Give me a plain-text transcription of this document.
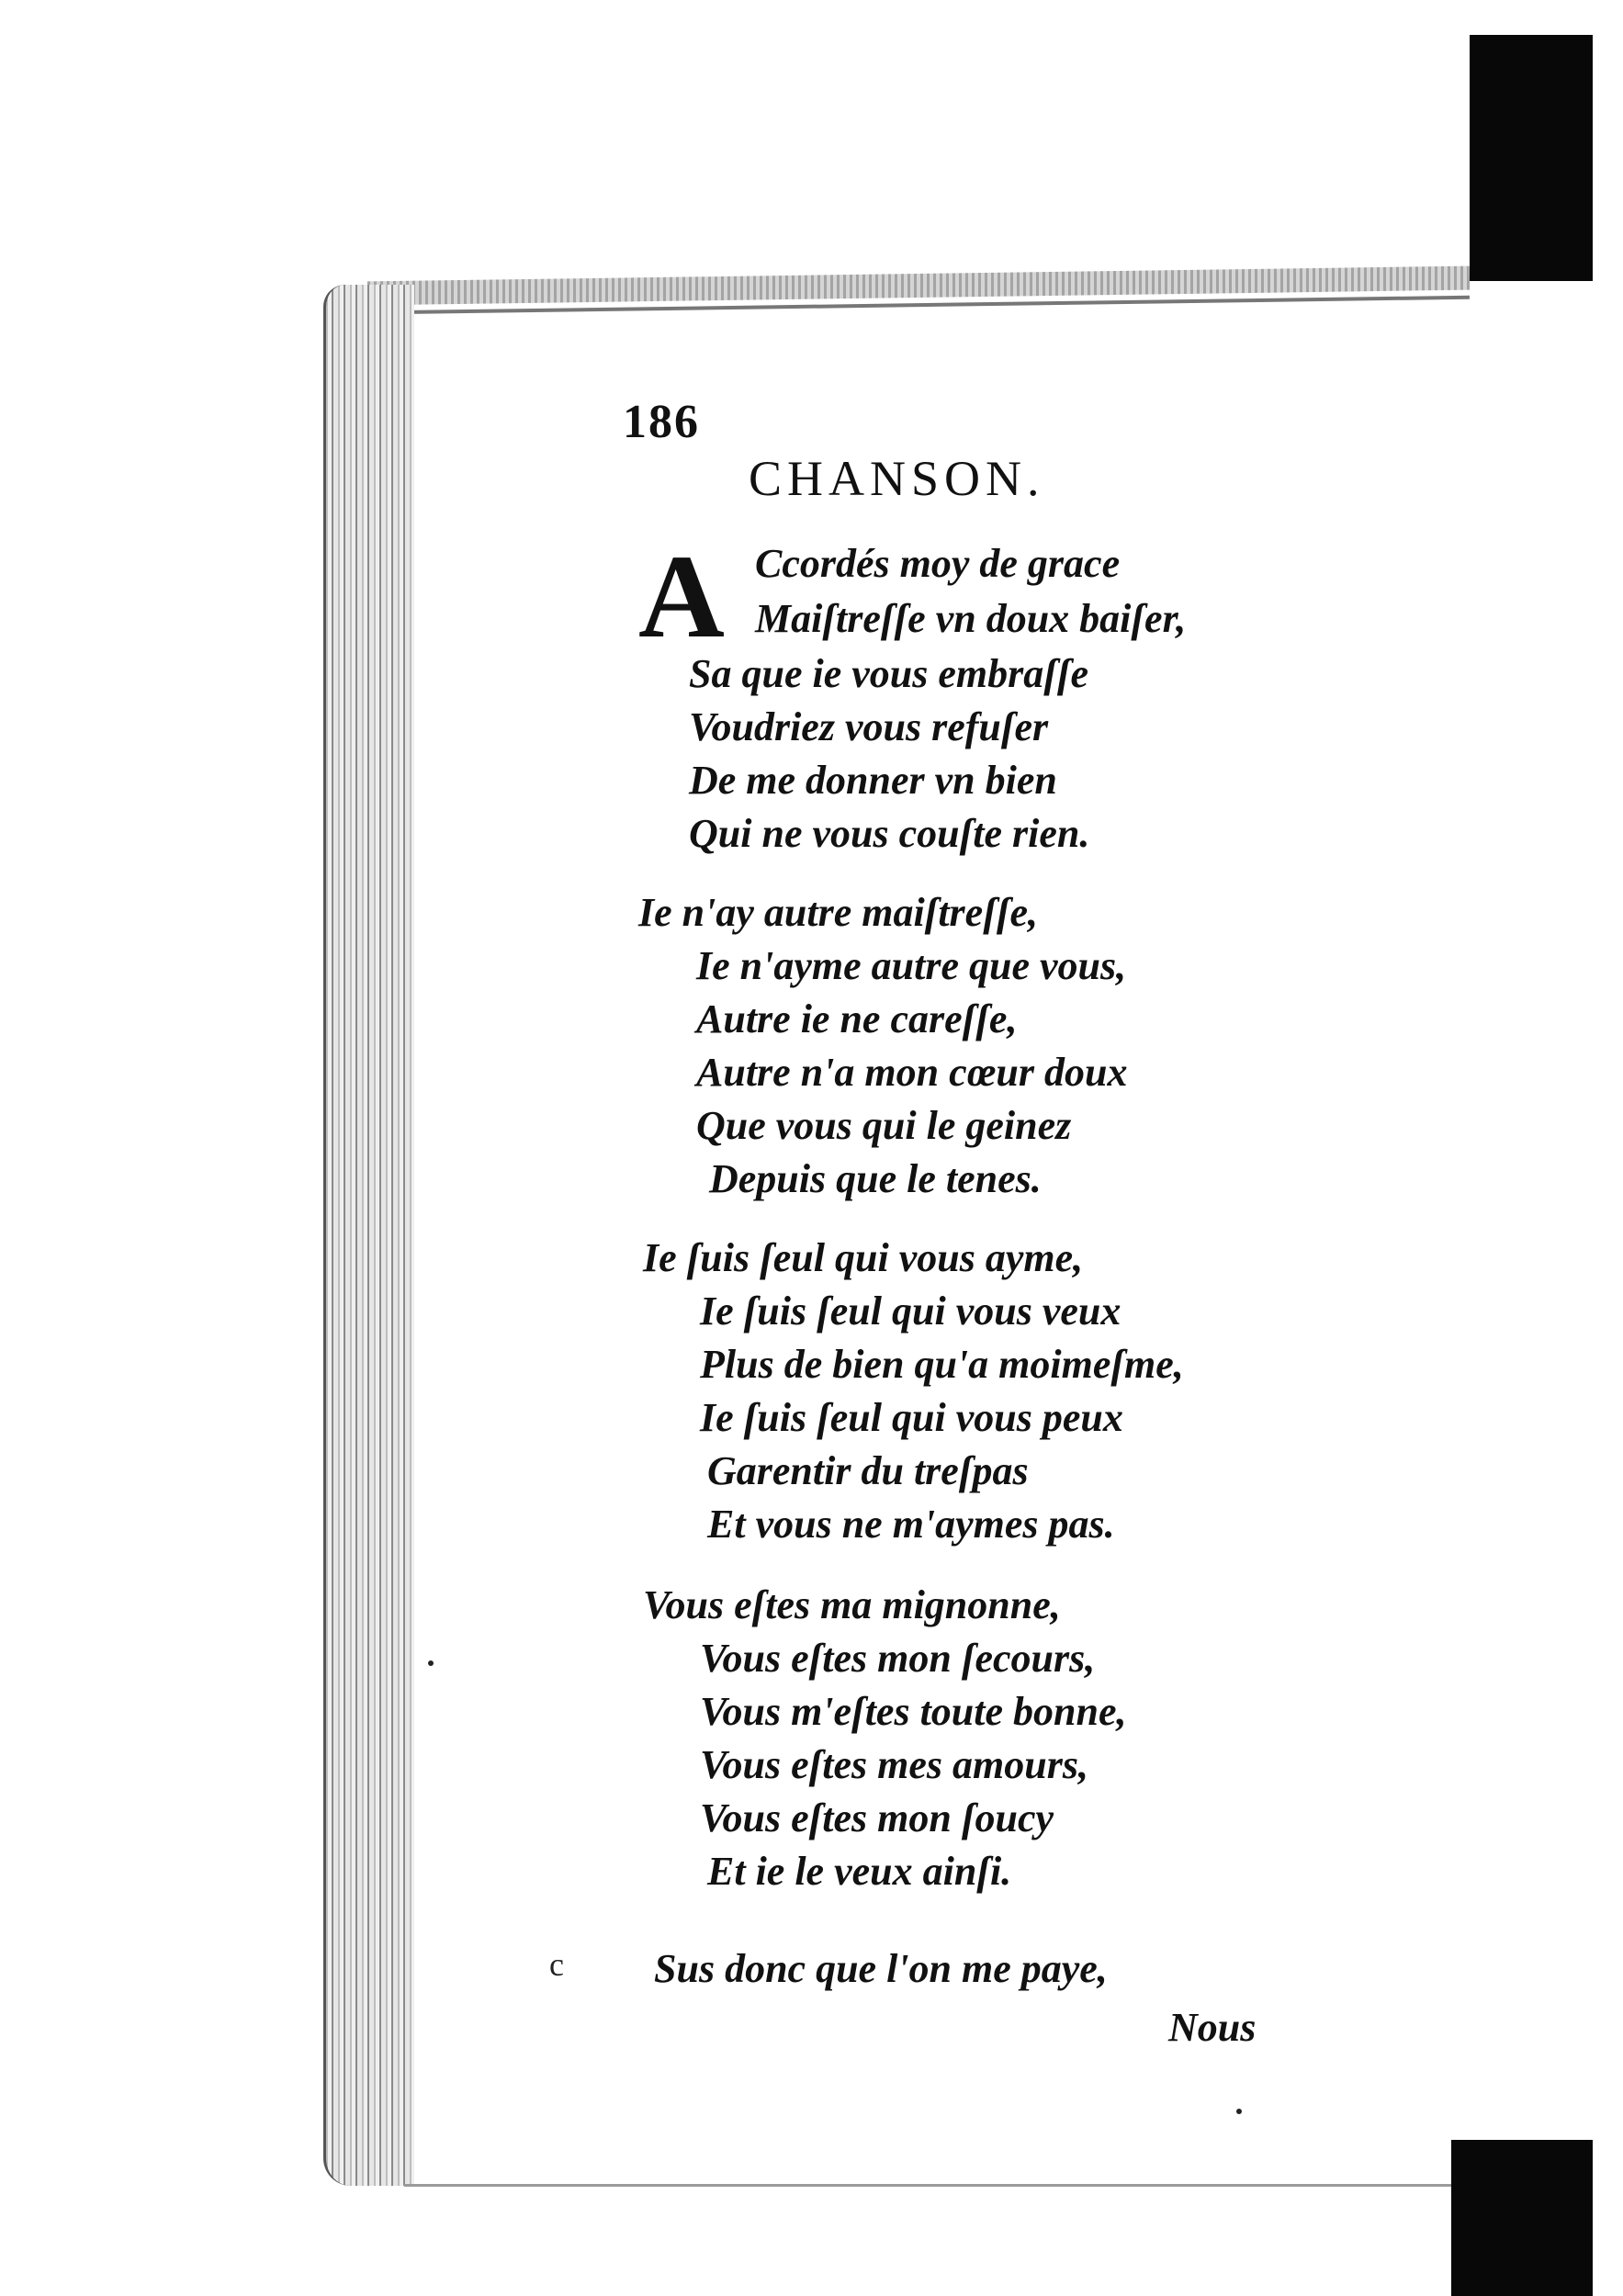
186
CHANSON.
A Ccordés moy de grace
Maiſtreſſe vn doux baiſer,
Sa que ie vous embraſſe
Voudriez vous refuſer
De me donner vn bien
Qui ne vous couſte rien.
Ie n'ay autre maiſtreſſe,
Ie n'ayme autre que vous,
Autre ie ne careſſe,
Autre n'a mon cœur doux
Que vous qui le geinez
Depuis que le tenes.
Ie ſuis ſeul qui vous ayme,
Ie ſuis ſeul qui vous veux
Plus de bien qu'a moimeſme,
Ie ſuis ſeul qui vous peux
Garentir du treſpas
Et vous ne m'aymes pas.
Vous eſtes ma mignonne,
Vous eſtes mon ſecours,
Vous m'eſtes toute bonne,
Vous eſtes mes amours,
Vous eſtes mon ſoucy
Et ie le veux ainſi.
Sus donc que l'on me paye,
Nous
c
